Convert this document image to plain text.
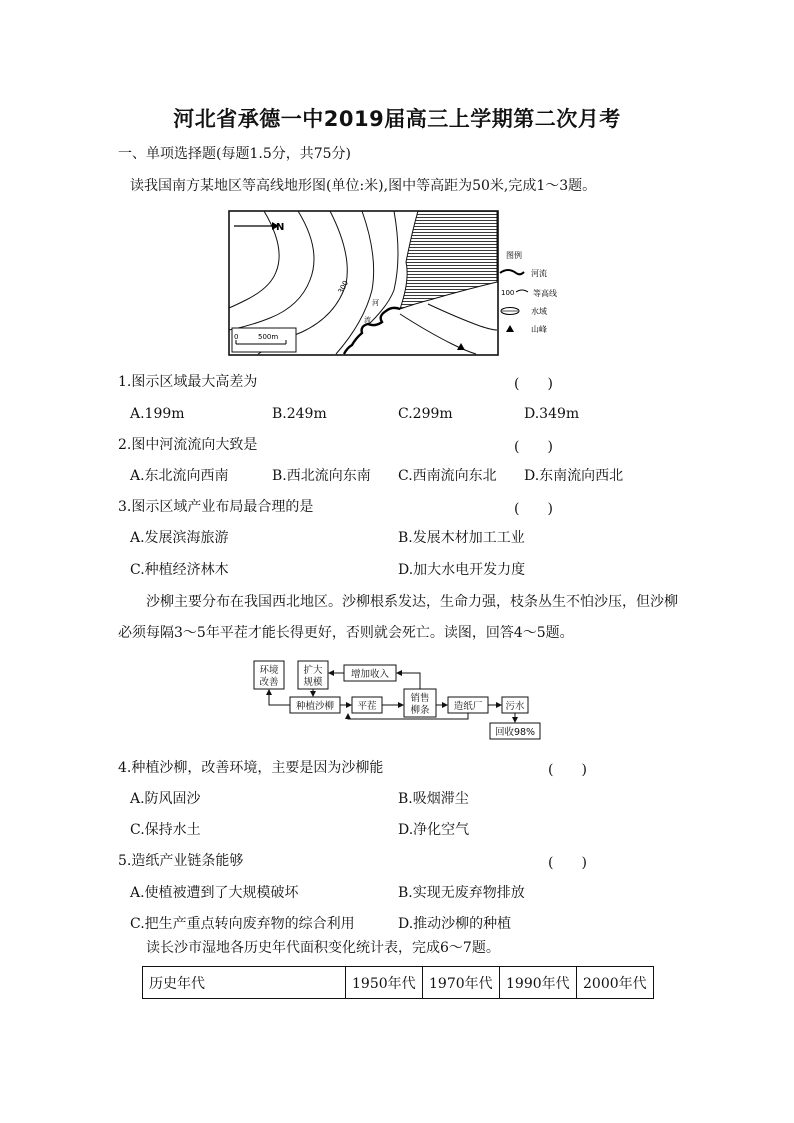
河北省承德一中2019届高三上学期第二次月考
一、单项选择题(每题1.5分，共75分)
读我国南方某地区等高线地形图(单位:米),图中等高距为50米,完成1～3题。
N
0	500m
300
河
流
图例
河流
100 等高线
水域
山峰
1.图示区域最大高差为	(　　)
A.199m	B.249m	C.299m	D.349m
2.图中河流流向大致是	(　　)
A.东北流向西南	B.西北流向东南 C.西南流向东北 D.东南流向西北
3.图示区域产业布局最合理的是	(　　)
A.发展滨海旅游	B.发展木材加工工业
C.种植经济林木	D.加大水电开发力度
沙柳主要分布在我国西北地区。沙柳根系发达，生命力强，枝条丛生不怕沙压，但沙柳
必须每隔3～5年平茬才能长得更好，否则就会死亡。读图，回答4～5题。
环境
改善
扩大
规模
增加收入
种植沙柳 平茬
销售
柳条	造纸厂 污水
回收98%
4.种植沙柳，改善环境，主要是因为沙柳能	(　　)
A.防风固沙	B.吸烟滞尘
C.保持水土	D.净化空气
5.造纸产业链条能够	(　　)
A.使植被遭到了大规模破坏	B.实现无废弃物排放
C.把生产重点转向废弃物的综合利用	D.推动沙柳的种植
读长沙市湿地各历史年代面积变化统计表，完成6～7题。
历史年代	1950年代	1970年代	1990年代	2000年代
